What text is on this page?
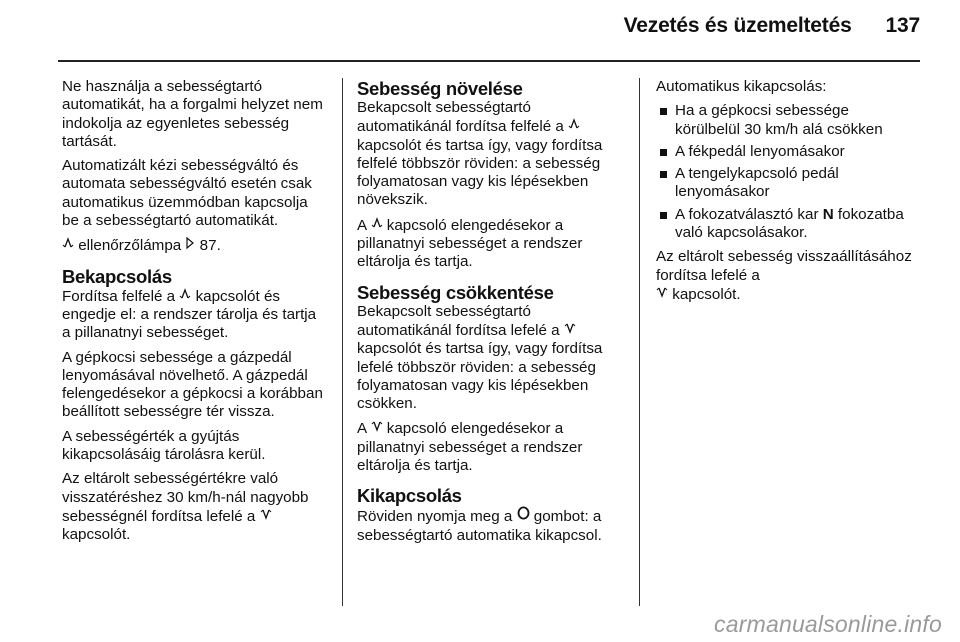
Vezetés és üzemeltetés 137

Ne használja a sebességtartó automatikát, ha a forgalmi helyzet nem indokolja az egyenletes sebesség tartását.

Automatizált kézi sebességváltó és automata sebességváltó esetén csak automatikus üzemmódban kapcsolja be a sebességtartó automatikát.

ellenőrzőlámpa  87.

Bekapcsolás

Fordítsa felfelé a  kapcsolót és engedje el: a rendszer tárolja és tartja a pillanatnyi sebességet.

A gépkocsi sebessége a gázpedál lenyomásával növelhető. A gázpedál felengedésekor a gépkocsi a korábban beállított sebességre tér vissza.

A sebességérték a gyújtás kikapcsolásáig tárolásra kerül.

Az eltárolt sebességértékre való visszatéréshez 30 km/h-nál nagyobb sebességnél fordítsa lefelé a
kapcsolót.

Sebesség növelése

Bekapcsolt sebességtartó automatikánál fordítsa felfelé a  kapcsolót és tartsa így, vagy fordítsa felfelé többször röviden: a sebesség folyamatosan vagy kis lépésekben növekszik.

A  kapcsoló elengedésekor a pillanatnyi sebességet a rendszer eltárolja és tartja.

Sebesség csökkentése

Bekapcsolt sebességtartó automatikánál fordítsa lefelé a  kapcsolót és tartsa így, vagy fordítsa lefelé többször röviden: a sebesség folyamatosan vagy kis lépésekben csökken.

A  kapcsoló elengedésekor a pillanatnyi sebességet a rendszer eltárolja és tartja.

Kikapcsolás

Röviden nyomja meg a  gombot: a sebességtartó automatika kikapcsol.

Automatikus kikapcsolás:

Ha a gépkocsi sebessége körülbelül 30 km/h alá csökken
A fékpedál lenyomásakor
A tengelykapcsoló pedál lenyomásakor
A fokozatválasztó kar N fokozatba való kapcsolásakor.

Az eltárolt sebesség visszaállításához fordítsa lefelé a
kapcsolót.

carmanualsonline.info
